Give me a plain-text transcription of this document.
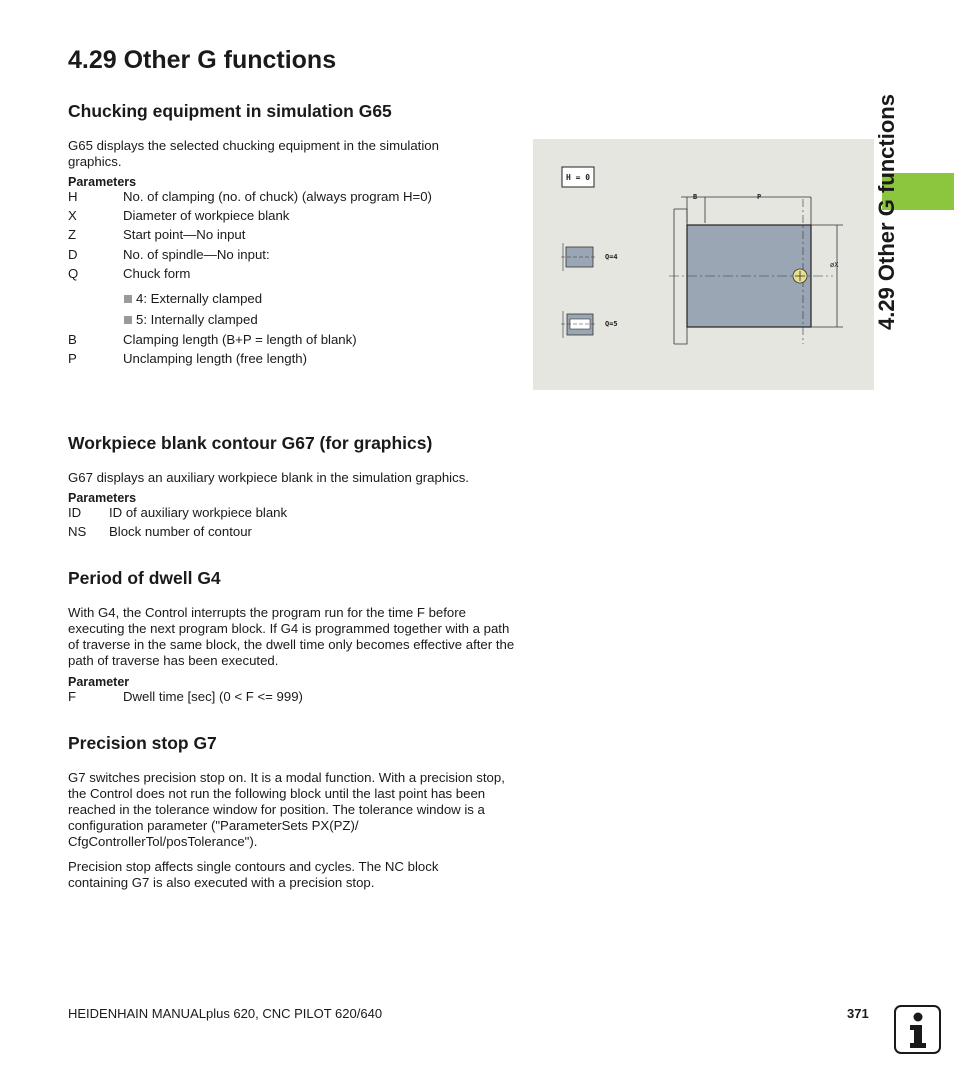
4.29 Other G functions
Chucking equipment in simulation G65

G65 displays the selected chucking equipment in the simulation graphics.

Parameters
H	No. of clamping (no. of chuck) (always program H=0)
X	Diameter of workpiece blank
Z	Start point—No input
D	No. of spindle—No input:
Q	Chuck form
4: Externally clamped
5: Internally clamped
B	Clamping length (B+P = length of blank)
P	Unclamping length (free length)
H = 0
B	P
øX
Q=4
Q=5	4.29 Other G functions
Workpiece blank contour G67 (for graphics)

G67 displays an auxiliary workpiece blank in the simulation graphics.

Parameters
ID ID of auxiliary workpiece blank
NS Block number of contour
Period of dwell G4

With G4, the Control interrupts the program run for the time F before executing the next program block. If G4 is programmed together with a path of traverse in the same block, the dwell time only becomes effective after the path of traverse has been executed.

Parameter
F	Dwell time [sec] (0 < F <= 999)
Precision stop G7

G7 switches precision stop on. It is a modal function. With a precision stop, the Control does not run the following block until the last point has been reached in the tolerance window for position. The tolerance window is a configuration parameter ("ParameterSets PX(PZ)/ CfgControllerTol/posTolerance").

Precision stop affects single contours and cycles. The NC block containing G7 is also executed with a precision stop.

HEIDENHAIN MANUALplus 620, CNC PILOT 620/640	371
